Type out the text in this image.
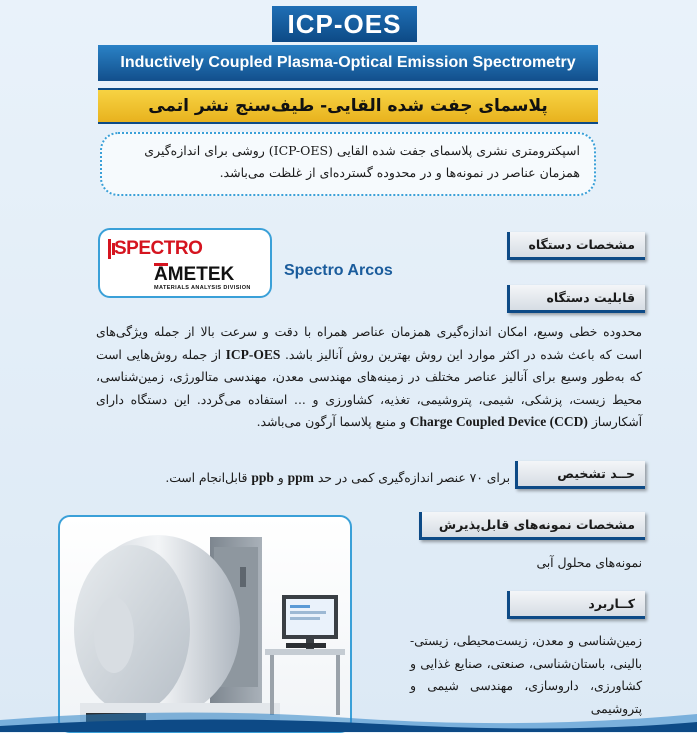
ICP-OES
Inductively Coupled Plasma-Optical Emission Spectrometry
پلاسمای جفت شده القایی- طیف‌سنج نشر اتمی
اسپکترومتری نشری پلاسمای جفت شده القایی (ICP-OES) روشی برای اندازه‌گیری همزمان عناصر در نمونه‌ها و در محدوده گسترده‌ای از غلظت می‌باشد.
مشخصات دستگاه
SPECTRO
AMETEK
MATERIALS ANALYSIS DIVISION
Spectro Arcos
قابلیت دستگاه
محدوده خطی وسیع، امکان اندازه‌گیری همزمان عناصر همراه با دقت و سرعت بالا از جمله ویژگی‌های است که باعث شده در اکثر موارد این روش بهترین روش آنالیز باشد. ICP-OES از جمله روش‌هایی است که به‌طور وسیع برای آنالیز عناصر مختلف در زمینه‌های مهندسی معدن، مهندسی متالورژی، زمین‌شناسی، محیط زیست، پزشکی، شیمی، پتروشیمی، تغذیه، کشاورزی و ... استفاده می‌گردد. این دستگاه دارای آشکارساز Charge Coupled Device (CCD) و منبع پلاسما آرگون می‌باشد.
حــد تشخیص
برای ۷۰ عنصر اندازه‌گیری کمی در حد ppm و ppb قابل‌انجام است.
مشخصات نمونه‌های قابل‌پذیرش
نمونه‌های محلول آبی
کــاربرد
زمین‌شناسی و معدن، زیست‌محیطی، زیستی-بالینی، باستان‌شناسی، صنعتی، صنایع غذایی و کشاورزی، داروسازی، مهندسی شیمی و پتروشیمی
